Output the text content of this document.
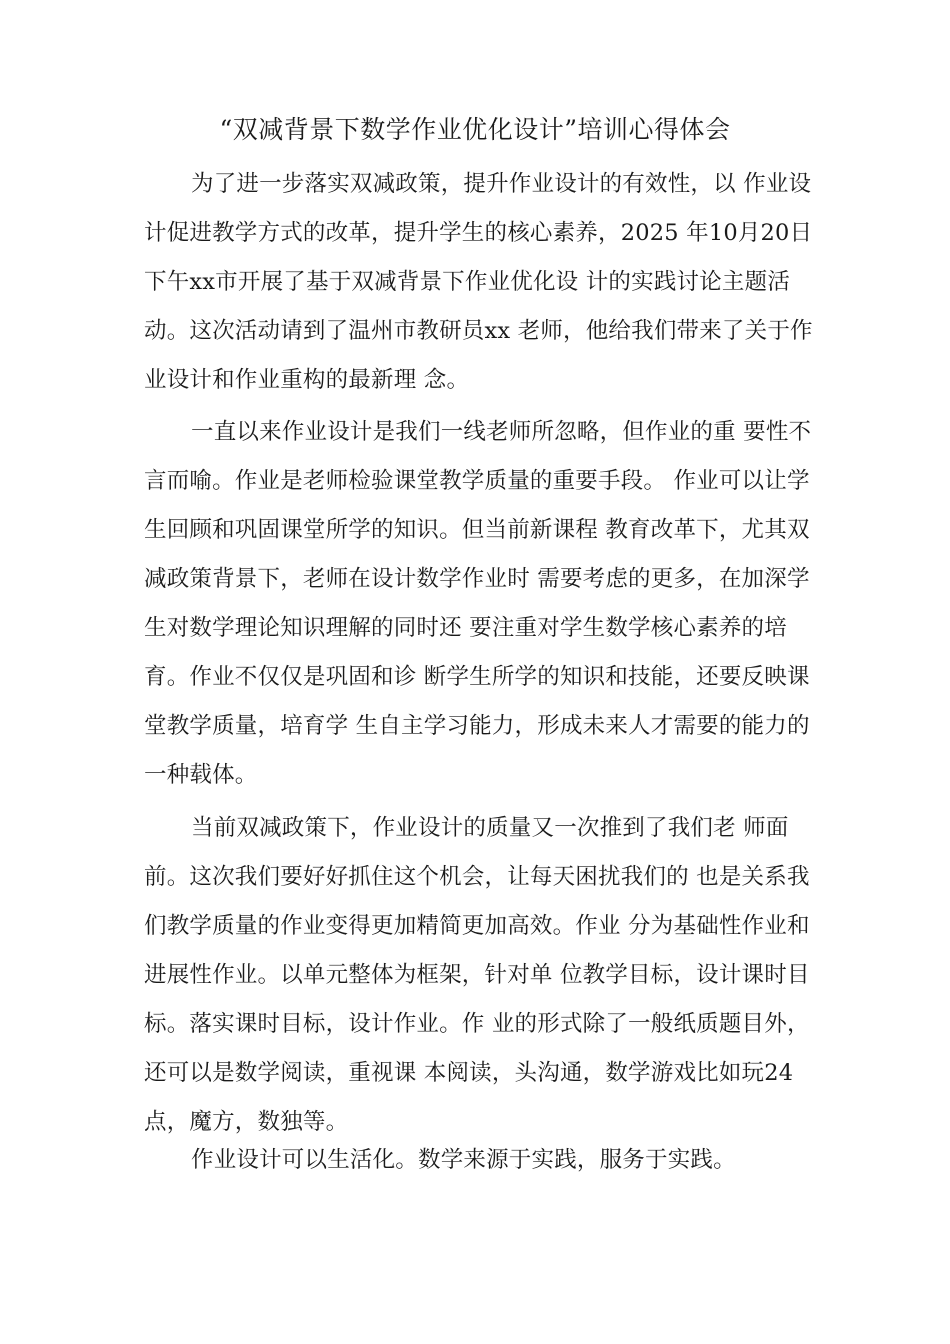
“双减背景下数学作业优化设计”培训心得体会
为了进一步落实双减政策，提升作业设计的有效性，以 作业设
计促进教学方式的改革，提升学生的核心素养，2025 年10月20日
下午xx市开展了基于双减背景下作业优化设 计的实践讨论主题活
动。这次活动请到了温州市教研员xx 老师，他给我们带来了关于作
业设计和作业重构的最新理 念。
一直以来作业设计是我们一线老师所忽略，但作业的重 要性不
言而喻。作业是老师检验课堂教学质量的重要手段。 作业可以让学
生回顾和巩固课堂所学的知识。但当前新课程 教育改革下，尤其双
减政策背景下，老师在设计数学作业时 需要考虑的更多，在加深学
生对数学理论知识理解的同时还 要注重对学生数学核心素养的培
育。作业不仅仅是巩固和诊 断学生所学的知识和技能，还要反映课
堂教学质量，培育学 生自主学习能力，形成未来人才需要的能力的
一种载体。
当前双减政策下，作业设计的质量又一次推到了我们老 师面
前。这次我们要好好抓住这个机会，让每天困扰我们的 也是关系我
们教学质量的作业变得更加精简更加高效。作业 分为基础性作业和
进展性作业。以单元整体为框架，针对单 位教学目标，设计课时目
标。落实课时目标，设计作业。作 业的形式除了一般纸质题目外，
还可以是数学阅读，重视课 本阅读，头沟通，数学游戏比如玩24
点，魔方，数独等。
作业设计可以生活化。数学来源于实践，服务于实践。
